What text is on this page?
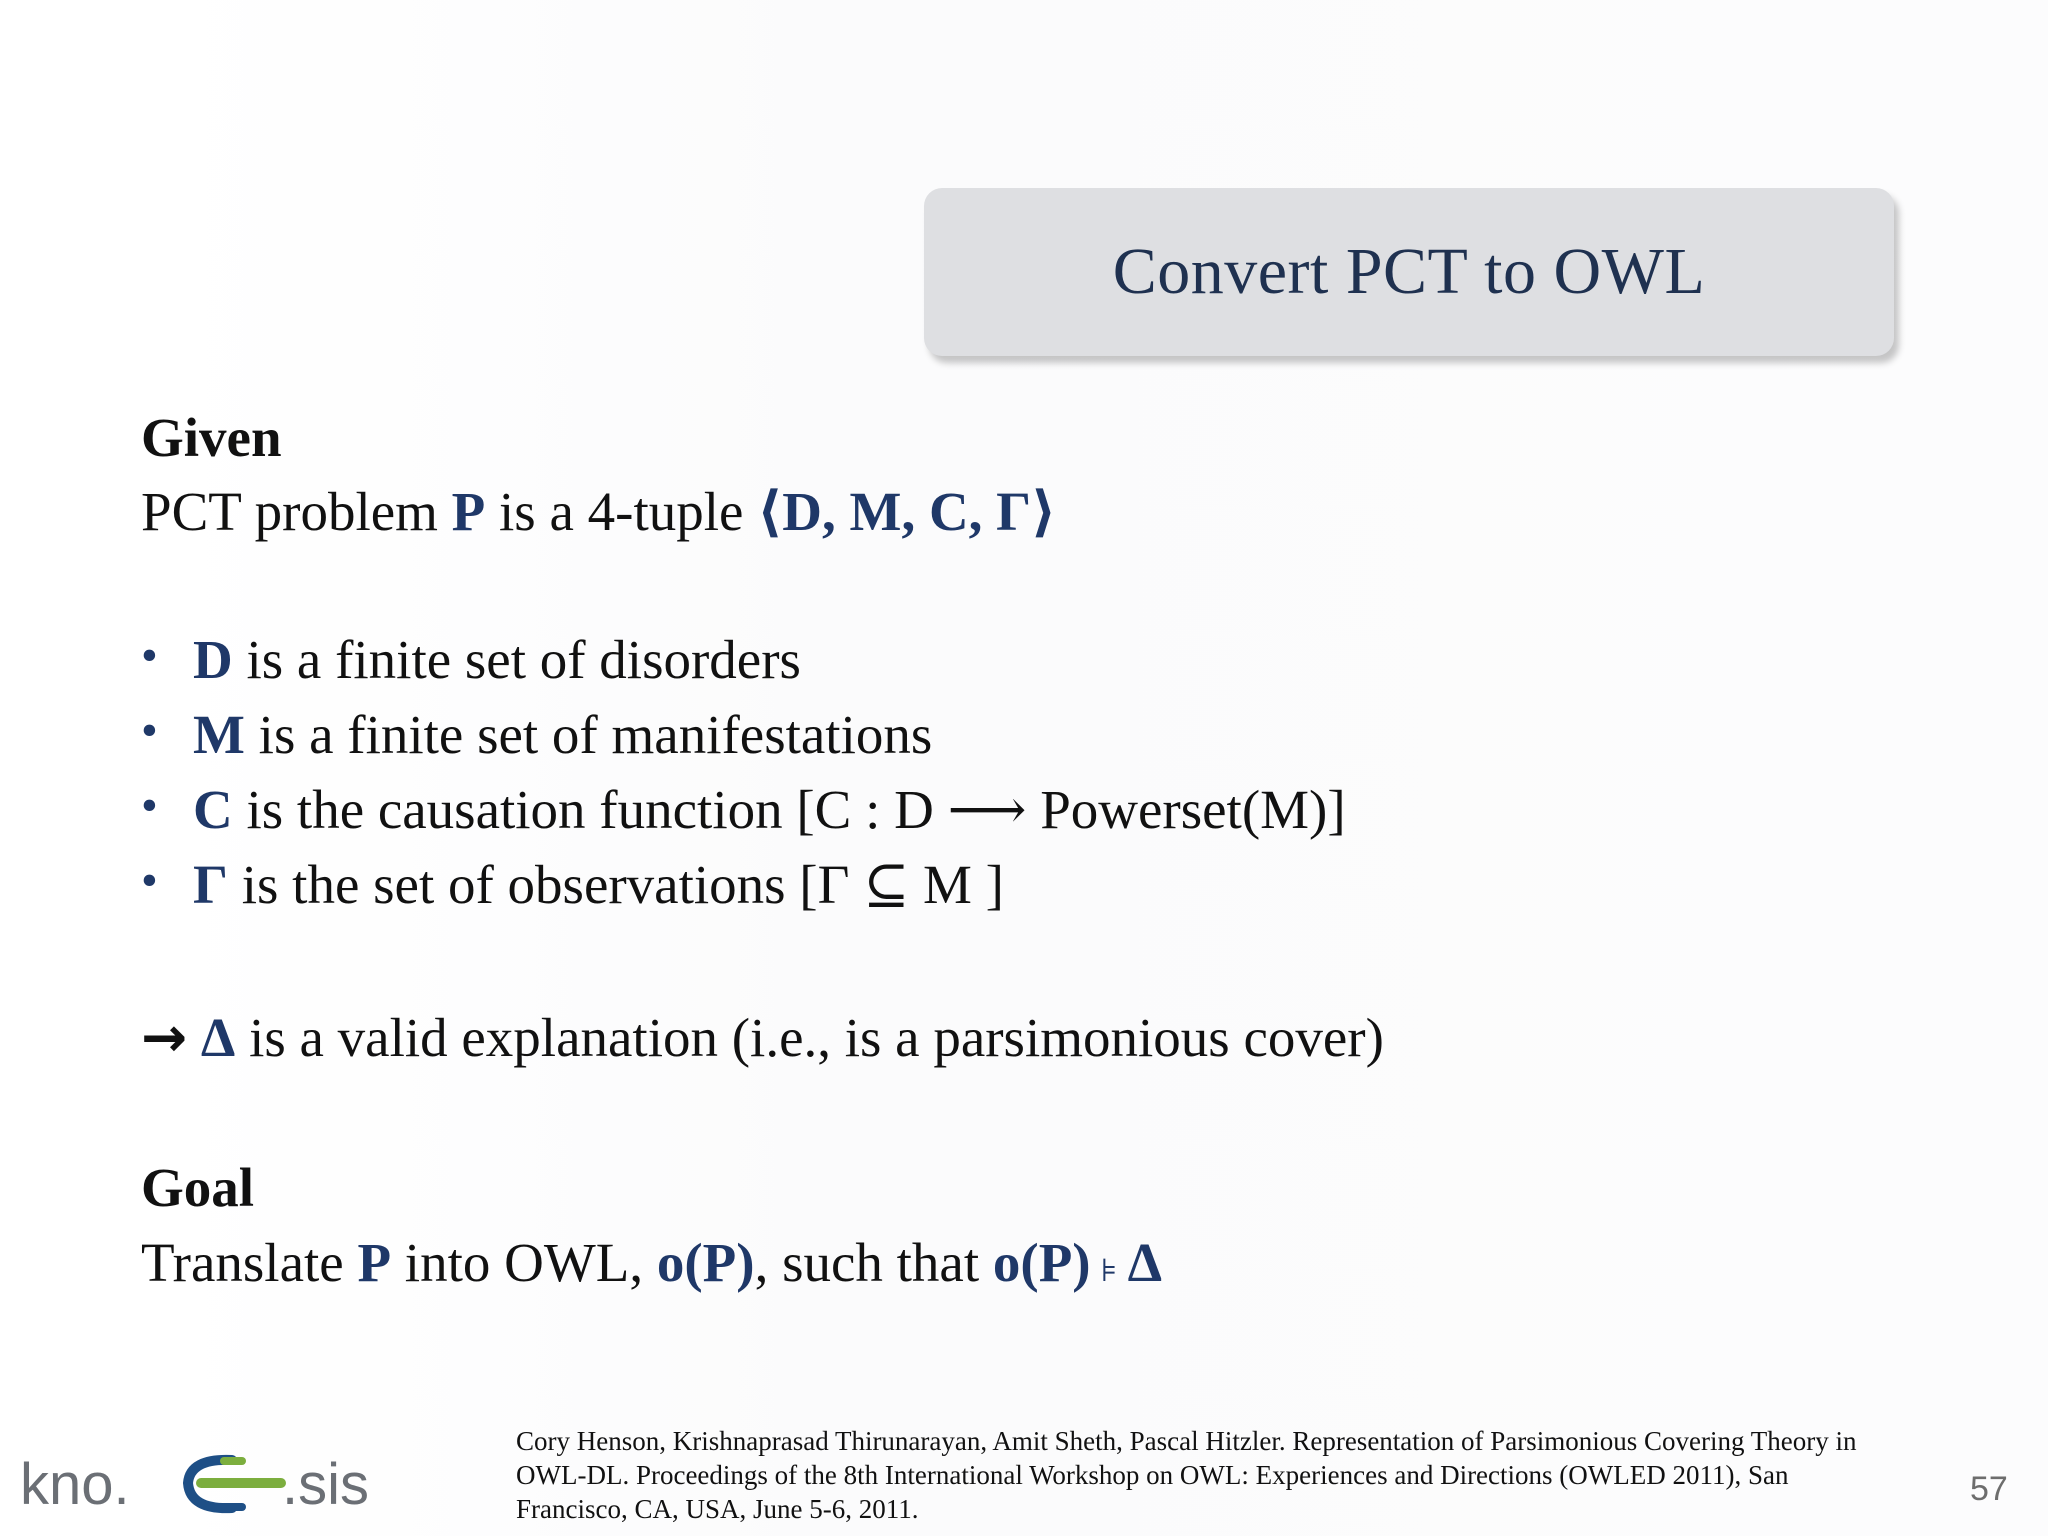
Convert PCT to OWL
Given
PCT problem P is a 4-tuple ⟨D, M, C, Γ⟩
• D is a finite set of disorders
• M is a finite set of manifestations
• C is the causation function [C : D ⟶ Powerset(M)]
• Γ is the set of observations [Γ ⊆ M ]
→ Δ is a valid explanation (i.e., is a parsimonious cover)
Goal
Translate P into OWL, o(P), such that o(P) ⊧ Δ
Cory Henson, Krishnaprasad Thirunarayan, Amit Sheth, Pascal Hitzler. Representation of Parsimonious Covering Theory in OWL-DL. Proceedings of the 8th International Workshop on OWL: Experiences and Directions (OWLED 2011), San Francisco, CA, USA, June 5-6, 2011.
kno.	.sis	57
